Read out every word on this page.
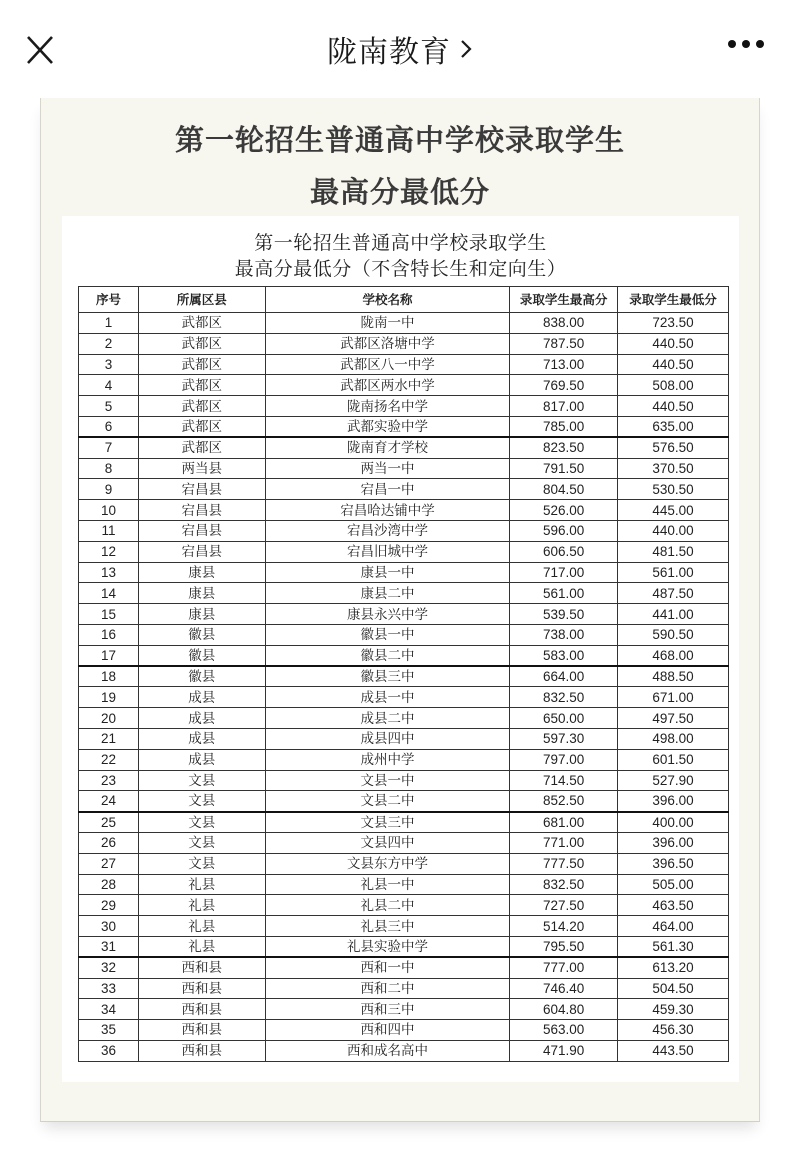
陇南教育
第一轮招生普通高中学校录取学生
最高分最低分
第一轮招生普通高中学校录取学生
最高分最低分（不含特长生和定向生）
序号	所属区县	学校名称	录取学生最高分	录取学生最低分
1	武都区	陇南一中	838.00	723.50
2	武都区	武都区洛塘中学	787.50	440.50
3	武都区	武都区八一中学	713.00	440.50
4	武都区	武都区两水中学	769.50	508.00
5	武都区	陇南扬名中学	817.00	440.50
6	武都区	武都实验中学	785.00	635.00
7	武都区	陇南育才学校	823.50	576.50
8	两当县	两当一中	791.50	370.50
9	宕昌县	宕昌一中	804.50	530.50
10	宕昌县	宕昌哈达铺中学	526.00	445.00
11	宕昌县	宕昌沙湾中学	596.00	440.00
12	宕昌县	宕昌旧城中学	606.50	481.50
13	康县	康县一中	717.00	561.00
14	康县	康县二中	561.00	487.50
15	康县	康县永兴中学	539.50	441.00
16	徽县	徽县一中	738.00	590.50
17	徽县	徽县二中	583.00	468.00
18	徽县	徽县三中	664.00	488.50
19	成县	成县一中	832.50	671.00
20	成县	成县二中	650.00	497.50
21	成县	成县四中	597.30	498.00
22	成县	成州中学	797.00	601.50
23	文县	文县一中	714.50	527.90
24	文县	文县二中	852.50	396.00
25	文县	文县三中	681.00	400.00
26	文县	文县四中	771.00	396.00
27	文县	文县东方中学	777.50	396.50
28	礼县	礼县一中	832.50	505.00
29	礼县	礼县二中	727.50	463.50
30	礼县	礼县三中	514.20	464.00
31	礼县	礼县实验中学	795.50	561.30
32	西和县	西和一中	777.00	613.20
33	西和县	西和二中	746.40	504.50
34	西和县	西和三中	604.80	459.30
35	西和县	西和四中	563.00	456.30
36	西和县	西和成名高中	471.90	443.50
